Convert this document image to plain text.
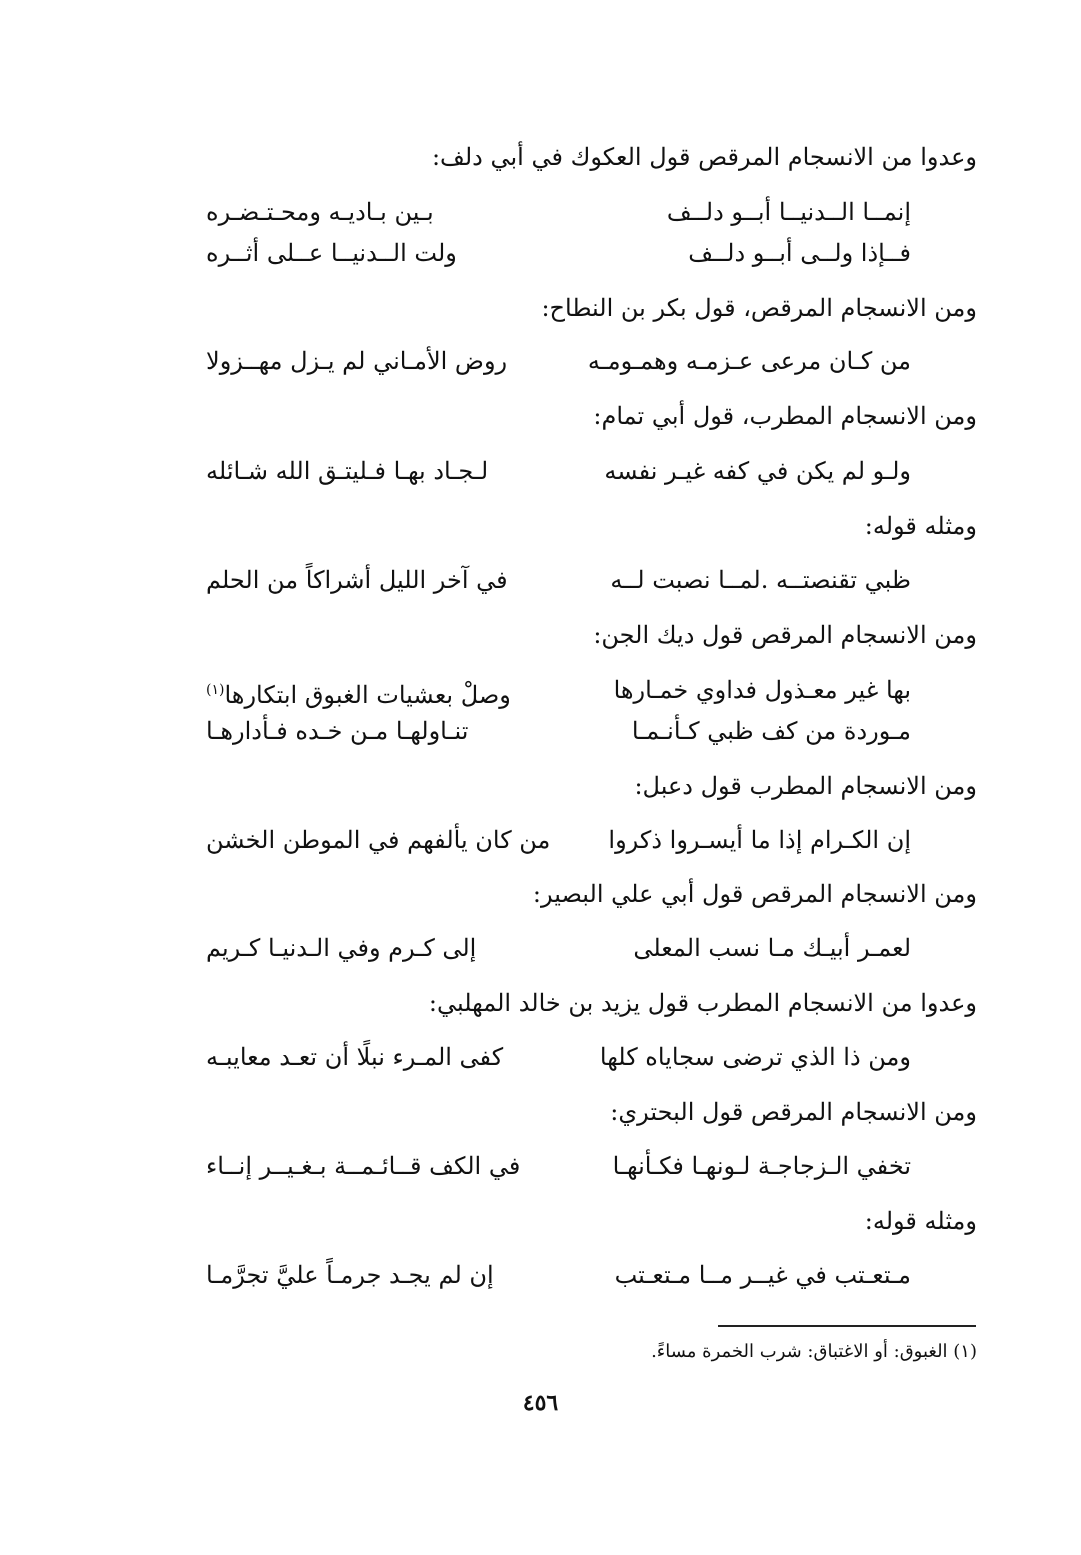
وعدوا من الانسجام المرقص قول العكوك في أبي دلف:
إنمــا الــدنيــا أبــو دلــف
بـين بـاديـه ومحـتـضـره
فــإذا ولــى أبــو دلــف
ولت الــدنيــا عــلى أثــره
ومن الانسجام المرقص، قول بكر بن النطاح:
من كـان مرعى عـزمـه وهمـومـه
روض الأمـاني لم يـزل مهــزولا
ومن الانسجام المطرب، قول أبي تمام:
ولـو لم يكن في كفه غيـر نفسه
لـجـاد بهـا فـليتـق الله شـائله
ومثله قوله:
ظبي تقنصتــه .لمــا نصبت لــه
في آخر الليل أشراكاً من الحلم
ومن الانسجام المرقص قول ديك الجن:
بها غير معـذول فداوي خمـارها
وصلْ بعشيات الغبوق ابتكارها$^{(١)}$
مـوردة من كف ظبي كـأنـمـا
تنـاولهـا مـن خـده فـأدارهـا
ومن الانسجام المطرب قول دعبل:
إن الكـرام إذا ما أيسـروا ذكروا
من كان يألفهم في الموطن الخشن
ومن الانسجام المرقص قول أبي علي البصير:
لعمـر أبيـك مـا نسب المعلى
إلى كـرم وفي الـدنيـا كـريم
وعدوا من الانسجام المطرب قول يزيد بن خالد المهلبي:
ومن ذا الذي ترضى سجاياه كلها
كفى المـرء نبلًا أن تعـد معايبـه
ومن الانسجام المرقص قول البحتري:
تخفي الـزجاجـة لـونهـا فكـأنهـا
في الكف قــائـمــة بـغـيــر إنــاء
ومثله قوله:
مـتعـتب في غيــر مــا مـتعـتب
إن لم يجـد جرمـاً عليَّ تجرَّمـا
(١) الغبوق: أو الاغتباق: شرب الخمرة مساءً.
٤٥٦
